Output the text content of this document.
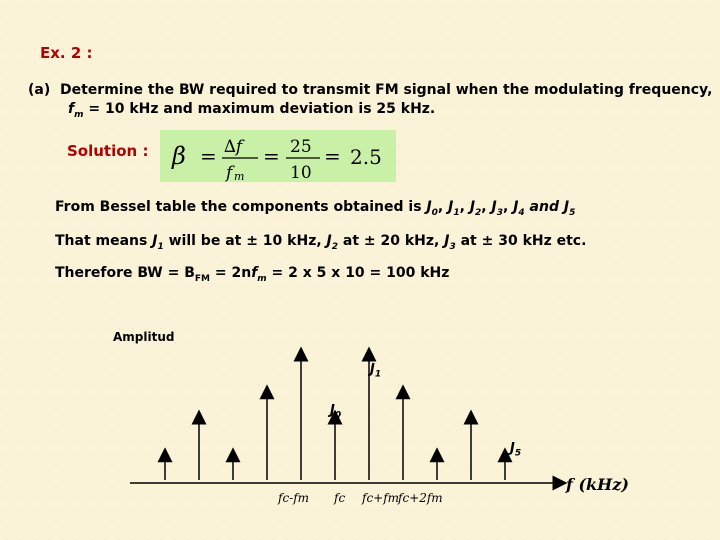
Ex. 2 :
(a) Determine the BW required to transmit FM signal when the modulating frequency,
$f_m = 10$ kHz and maximum deviation is 25 kHz.
Solution : β = ∆f
f m
= 25
10
= 2.5
From Bessel table the components obtained is $J_0$, $J_1$, $J_2$, $J_3$, $J_4$ and $J_5$
That means $J_1$ will be at ± 10 kHz, $J_2$ at ± 20 kHz, $J_3$ at ± 30 kHz etc.
Therefore BW = $B_{FM} = 2nf_m = 2$ x 5 x 10 = 100 kHz
Amplitud
$J_1$
$J_0$
$J_5$
fc-fm fc fc+fm
fc+2fm
f (kHz)
